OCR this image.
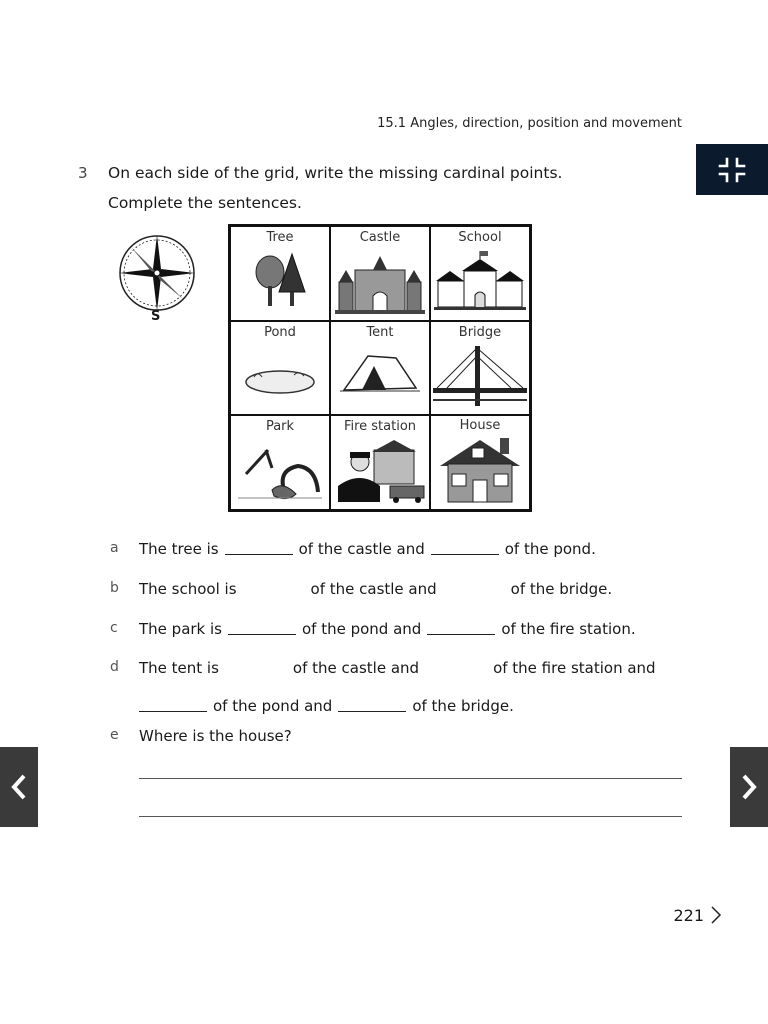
15.1 Angles, direction, position and movement
3 On each side of the grid, write the missing cardinal points.
Complete the sentences.
S
Tree	Castle	School
Pond	Tent	Bridge
Park	Fire station	House
a The tree is	of the castle and	of the pond.
b The school is	of the castle and	of the bridge.
c The park is	of the pond and	of the fire station.
d The tent is	of the castle and	of the fire station and
of the pond and	of the bridge.
e Where is the house?
221
